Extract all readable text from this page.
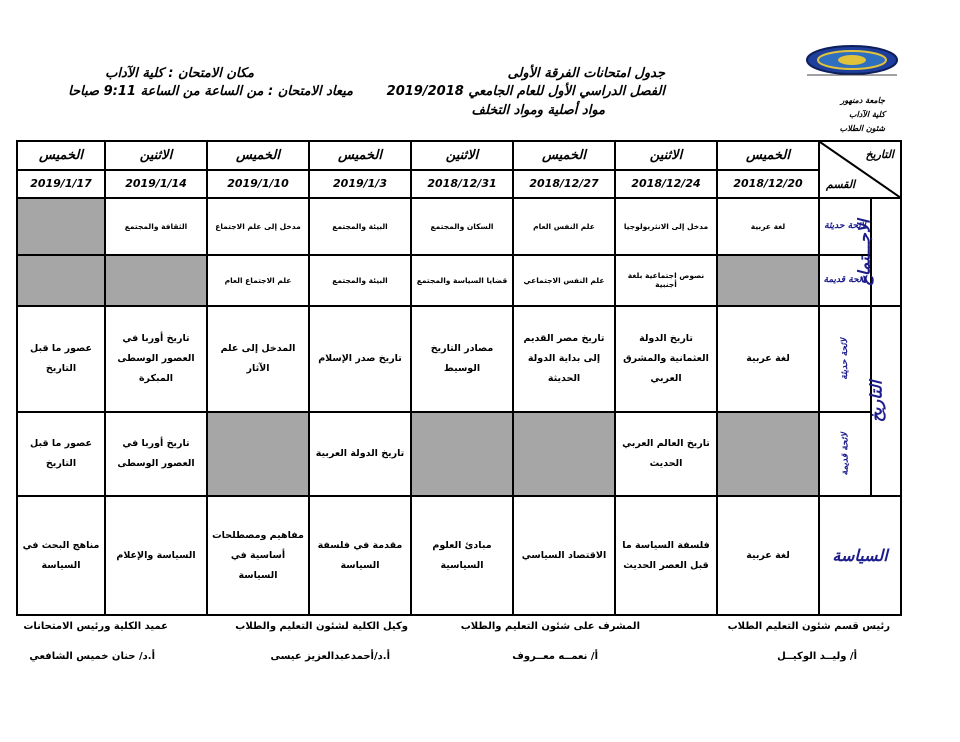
جامعة دمنهور
كلية الآداب
شئون الطلاب
جدول امتحانات الفرقة الأولى
الفصل الدراسي الأول للعام الجامعي 2019/2018
مواد أصلية ومواد التخلف
مكان الامتحان : كلية الآداب
ميعاد الامتحان : من الساعة من الساعة 9:11 صباحا
التاريخ
القسم		الخميس	الاثنين	الخميس	الاثنين	الخميس	الخميس	الاثنين	الخميس
		2018/12/20	2018/12/24	2018/12/27	2018/12/31	2019/1/3	2019/1/10	2019/1/14	2019/1/17
الاجـــتماع	لائحة حديثة	لغة عربية	مدخل إلى الانثربولوجيا	علم النفس العام	السكان والمجتمع	البيئة والمجتمع	مدخل إلى علم الاجتماع	الثقافة والمجتمع	
	لائحة قديمة		نصوص اجتماعية بلغة أجنبية	علم النفس الاجتماعي	قضايا السياسة والمجتمع	البيئة والمجتمع	علم الاجتماع العام		
التاريخ	لائحة حديثة	لغة عربية	تاريخ الدولة العثمانية والمشرق العربي	تاريخ مصر القديم إلى بداية الدولة الحديثة	مصادر التاريخ الوسيط	تاريخ صدر الإسلام	المدخل إلى علم الآثار	تاريخ أوربا في العصور الوسطى المبكرة	عصور ما قبل التاريخ
	لائحة قديمة		تاريخ العالم العربي الحديث			تاريخ الدولة العربية		تاريخ أوربا في العصور الوسطى	عصور ما قبل التاريخ
السياسة		لغة عربية	فلسفة السياسة ما قبل العصر الحديث	الاقتصاد السياسي	مبادئ العلوم السياسية	مقدمة في فلسفة السياسة	مفاهيم ومصطلحات أساسية في السياسة	السياسة والإعلام	مناهج البحث في السياسة
رئيس قسم شئون التعليم الطلاب
المشرف على شئون التعليم والطلاب
وكيل الكلية لشئون التعليم والطلاب
عميد الكلية ورئيس الامتحانات
أ/ وليــد الوكيــل
أ/ نعمــه معــروف
أ.د/أحمدعبدالعزيز عيسى
أ.د/ حنان خميس الشافعي
